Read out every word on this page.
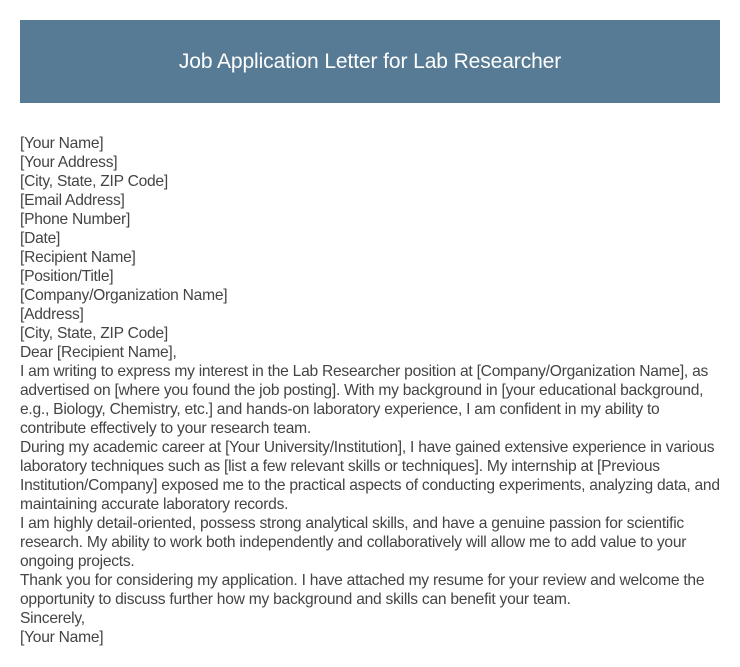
Job Application Letter for Lab Researcher
[Your Name]
[Your Address]
[City, State, ZIP Code]
[Email Address]
[Phone Number]
[Date]
[Recipient Name]
[Position/Title]
[Company/Organization Name]
[Address]
[City, State, ZIP Code]
Dear [Recipient Name],
I am writing to express my interest in the Lab Researcher position at [Company/Organization Name], as advertised on [where you found the job posting]. With my background in [your educational background, e.g., Biology, Chemistry, etc.] and hands-on laboratory experience, I am confident in my ability to contribute effectively to your research team.
During my academic career at [Your University/Institution], I have gained extensive experience in various laboratory techniques such as [list a few relevant skills or techniques]. My internship at [Previous Institution/Company] exposed me to the practical aspects of conducting experiments, analyzing data, and maintaining accurate laboratory records.
I am highly detail-oriented, possess strong analytical skills, and have a genuine passion for scientific research. My ability to work both independently and collaboratively will allow me to add value to your ongoing projects.
Thank you for considering my application. I have attached my resume for your review and welcome the opportunity to discuss further how my background and skills can benefit your team.
Sincerely,
[Your Name]
